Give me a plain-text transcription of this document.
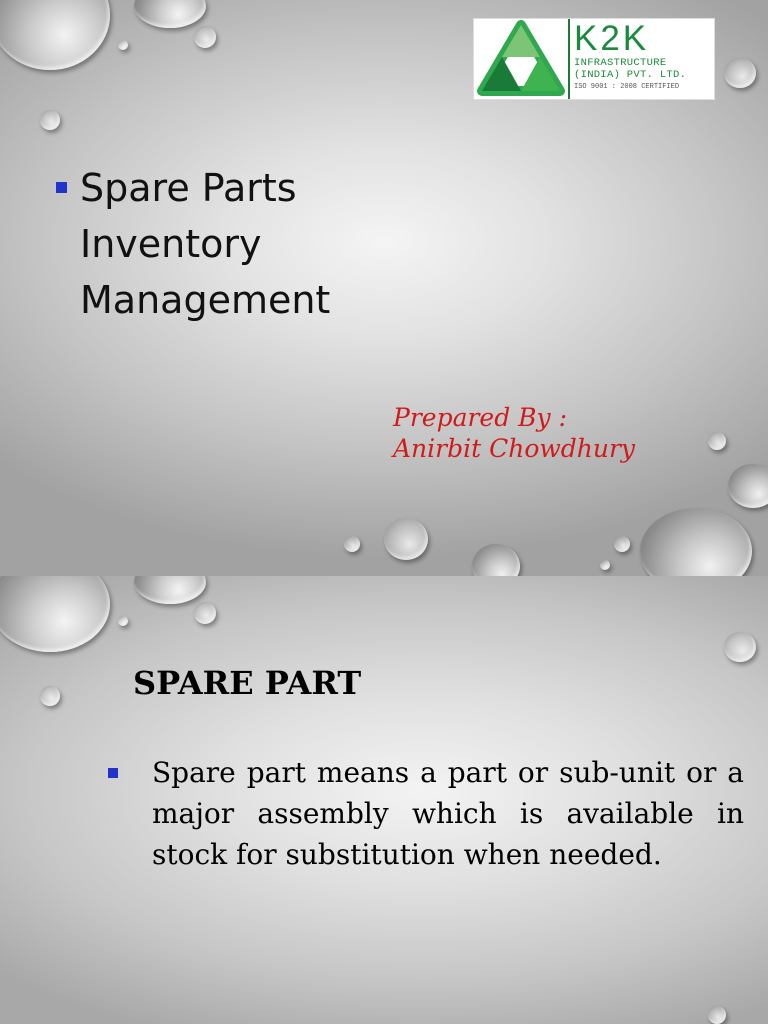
K2K
INFRASTRUCTURE
(INDIA) PVT. LTD.
ISO 9001 : 2008 CERTIFIED
Spare Parts
Inventory
Management
Prepared By :
Anirbit Chowdhury
SPARE PART
Spare part means a part or sub-unit or a major assembly which is available in stock for substitution when needed.
